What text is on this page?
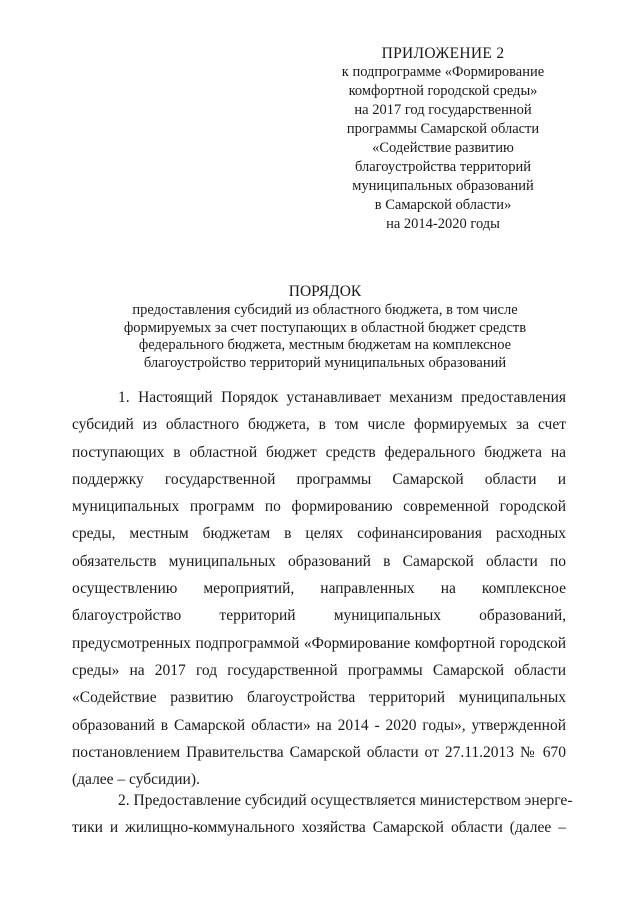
ПРИЛОЖЕНИЕ 2
к подпрограмме «Формирование
комфортной городской среды»
на 2017 год государственной
программы Самарской области
«Содействие развитию
благоустройства территорий
муниципальных образований
в Самарской области»
на 2014-2020 годы
ПОРЯДОК
предоставления субсидий из областного бюджета, в том числе
формируемых за счет поступающих в областной бюджет средств
федерального бюджета, местным бюджетам на комплексное
благоустройство территорий муниципальных образований
1. Настоящий Порядок устанавливает механизм предоставления
субсидий из областного бюджета, в том числе формируемых за счет
поступающих в областной бюджет средств федерального бюджета на
поддержку государственной программы Самарской области и
муниципальных программ по формированию современной городской
среды, местным бюджетам в целях софинансирования расходных
обязательств муниципальных образований в Самарской области по
осуществлению мероприятий, направленных на комплексное
благоустройство территорий муниципальных образований,
предусмотренных подпрограммой «Формирование комфортной городской
среды» на 2017 год государственной программы Самарской области
«Содействие развитию благоустройства территорий муниципальных
образований в Самарской области» на 2014 - 2020 годы», утвержденной
постановлением Правительства Самарской области от 27.11.2013 № 670
(далее – субсидии).
2. Предоставление субсидий осуществляется министерством энерге-
тики и жилищно-коммунального хозяйства Самарской области (далее –
